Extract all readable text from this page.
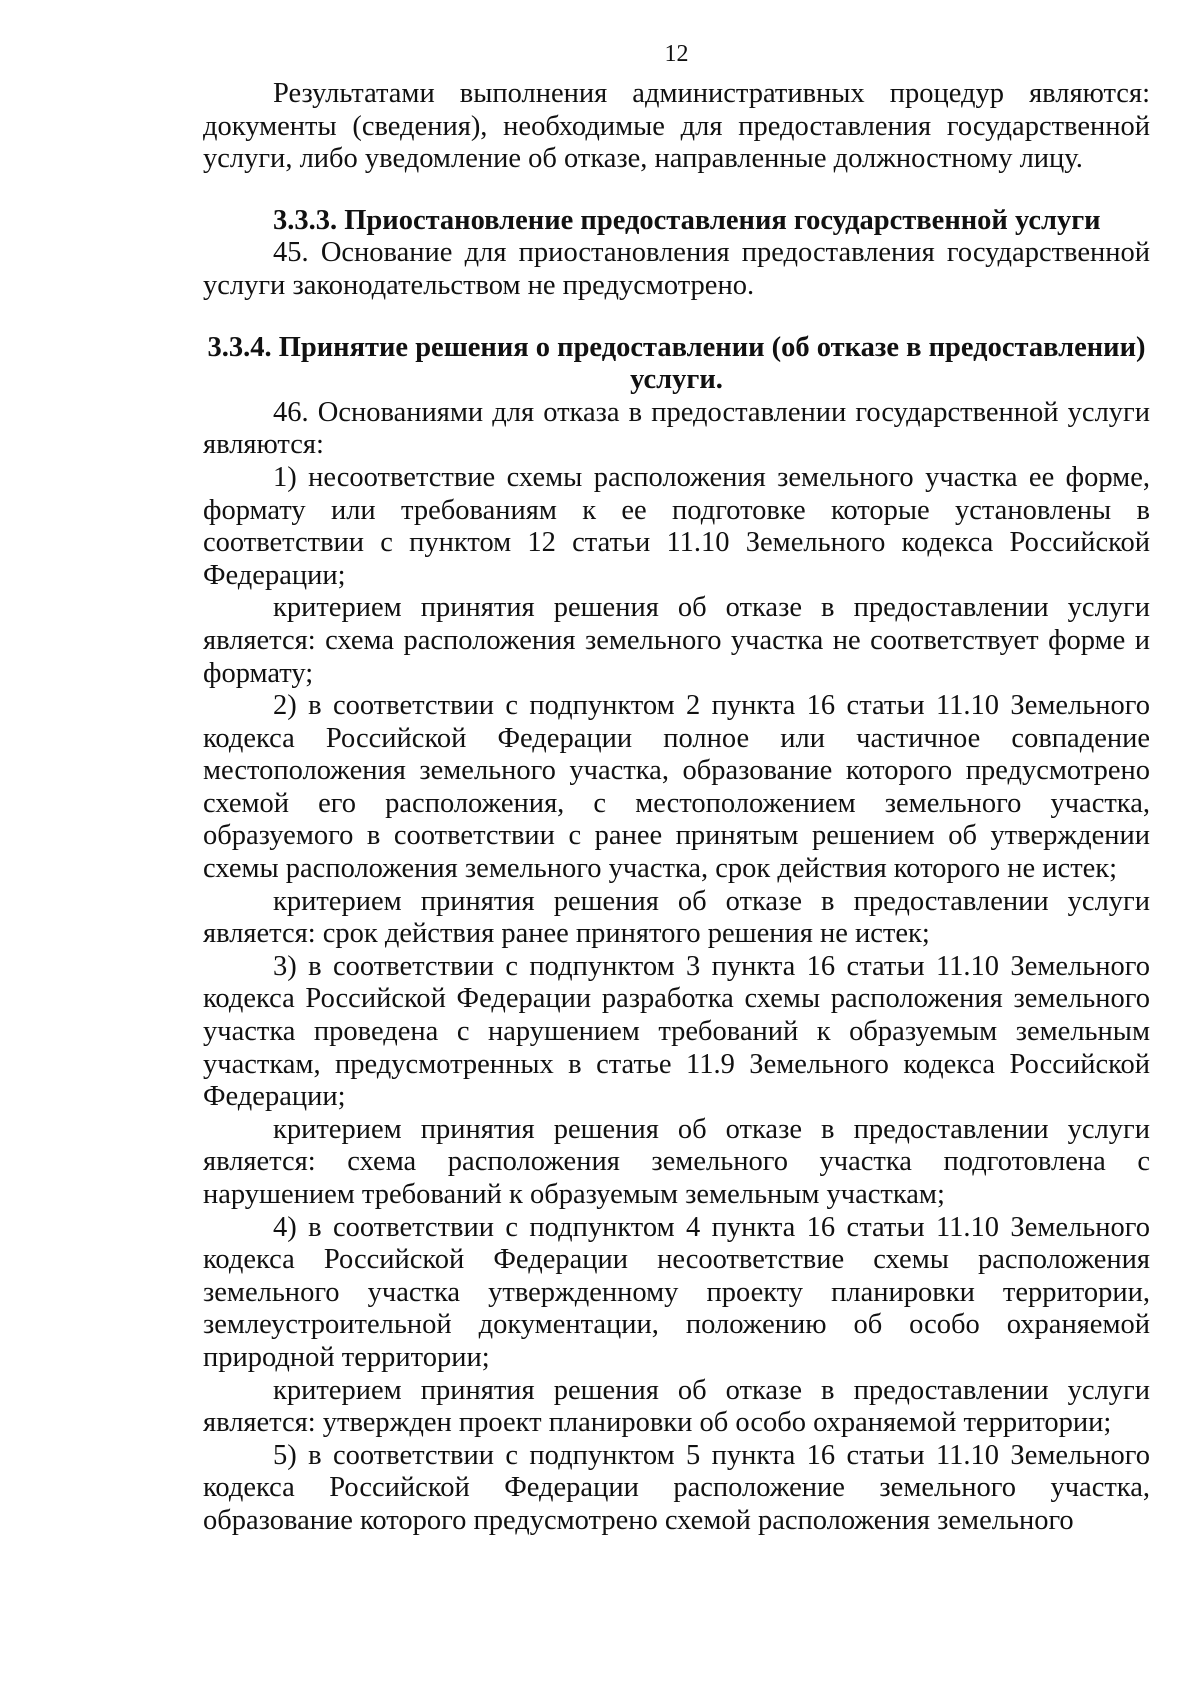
12

Результатами выполнения административных процедур являются: документы (сведения), необходимые для предоставления государственной услуги, либо уведомление об отказе, направленные должностному лицу.

3.3.3. Приостановление предоставления государственной услуги

45. Основание для приостановления предоставления государственной услуги законодательством не предусмотрено.

3.3.4. Принятие решения о предоставлении (об отказе в предоставлении) услуги.

46. Основаниями для отказа в предоставлении государственной услуги являются:

1) несоответствие схемы расположения земельного участка ее форме, формату или требованиям к ее подготовке которые установлены в соответствии с пунктом 12 статьи 11.10 Земельного кодекса Российской Федерации;

критерием принятия решения об отказе в предоставлении услуги является: схема расположения земельного участка не соответствует форме и формату;

2) в соответствии с подпунктом 2 пункта 16 статьи 11.10 Земельного кодекса Российской Федерации полное или частичное совпадение местоположения земельного участка, образование которого предусмотрено схемой его расположения, с местоположением земельного участка, образуемого в соответствии с ранее принятым решением об утверждении схемы расположения земельного участка, срок действия которого не истек;

критерием принятия решения об отказе в предоставлении услуги является: срок действия ранее принятого решения не истек;

3) в соответствии с подпунктом 3 пункта 16 статьи 11.10 Земельного кодекса Российской Федерации разработка схемы расположения земельного участка проведена с нарушением требований к образуемым земельным участкам, предусмотренных в статье 11.9 Земельного кодекса Российской Федерации;

критерием принятия решения об отказе в предоставлении услуги является: схема расположения земельного участка подготовлена с нарушением требований к образуемым земельным участкам;

4) в соответствии с подпунктом 4 пункта 16 статьи 11.10 Земельного кодекса Российской Федерации несоответствие схемы расположения земельного участка утвержденному проекту планировки территории, землеустроительной документации, положению об особо охраняемой природной территории;

критерием принятия решения об отказе в предоставлении услуги является: утвержден проект планировки об особо охраняемой территории;

5) в соответствии с подпунктом 5 пункта 16 статьи 11.10 Земельного кодекса Российской Федерации расположение земельного участка, образование которого предусмотрено схемой расположения земельного
